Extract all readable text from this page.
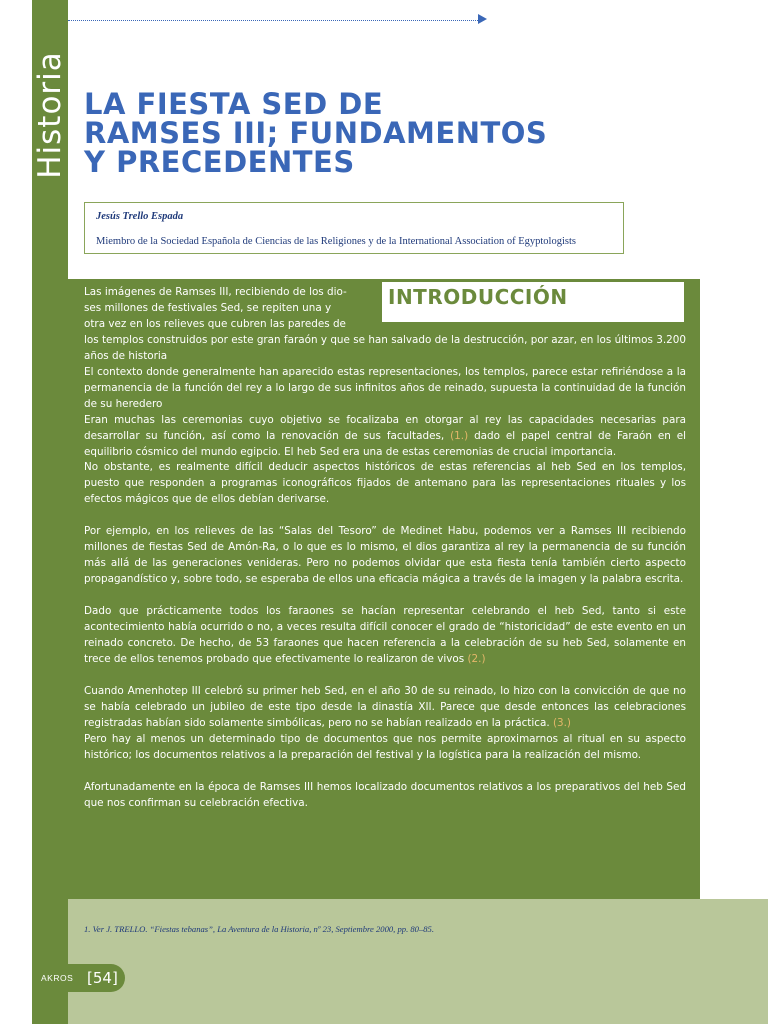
Historia LA FIESTA SED DE
RAMSES III; FUNDAMENTOS
Y PRECEDENTES
Jesús Trello Espada
Miembro de la Sociedad Española de Ciencias de las Religiones y de la International Association of Egyptologists
INTRODUCCIÓN
Las imágenes de Ramses III, recibiendo de los dio-
ses millones de festivales Sed, se repiten una y
otra vez en los relieves que cubren las paredes de
los templos construidos por este gran faraón y que se han salvado de la destrucción, por azar, en los últimos 3.200 años de historia
El contexto donde generalmente han aparecido estas representaciones, los templos, parece estar refiriéndose a la permanencia de la función del rey a lo largo de sus infinitos años de reinado, supuesta la continuidad de la función de su heredero
Eran muchas las ceremonias cuyo objetivo se focalizaba en otorgar al rey las capacidades necesarias para desarrollar su función, así como la renovación de sus facultades, (1.) dado el papel central de Faraón en el equilibrio cósmico del mundo egipcio. El heb Sed era una de estas ceremonias de crucial importancia.
No obstante, es realmente difícil deducir aspectos históricos de estas referencias al heb Sed en los templos, puesto que responden a programas iconográficos fijados de antemano para las representaciones rituales y los efectos mágicos que de ellos debían derivarse.
Por ejemplo, en los relieves de las “Salas del Tesoro” de Medinet Habu, podemos ver a Ramses III recibiendo millones de fiestas Sed de Amón-Ra, o lo que es lo mismo, el dios garantiza al rey la permanencia de su función más allá de las generaciones venideras. Pero no podemos olvidar que esta fiesta tenía también cierto aspecto propagandístico y, sobre todo, se esperaba de ellos una eficacia mágica a través de la imagen y la palabra escrita.
Dado que prácticamente todos los faraones se hacían representar celebrando el heb Sed, tanto si este acontecimiento había ocurrido o no, a veces resulta difícil conocer el grado de “historicidad” de este evento en un reinado concreto. De hecho, de 53 faraones que hacen referencia a la celebración de su heb Sed, solamente en trece de ellos tenemos probado que efectivamente lo realizaron de vivos (2.)
Cuando Amenhotep III celebró su primer heb Sed, en el año 30 de su reinado, lo hizo con la convicción de que no se había celebrado un jubileo de este tipo desde la dinastía XII. Parece que desde entonces las celebraciones registradas habían sido solamente simbólicas, pero no se habían realizado en la práctica. (3.)
Pero hay al menos un determinado tipo de documentos que nos permite aproximarnos al ritual en su aspecto histórico; los documentos relativos a la preparación del festival y la logística para la realización del mismo.
Afortunadamente en la época de Ramses III hemos localizado documentos relativos a los preparativos del heb Sed que nos confirman su celebración efectiva.
1. Ver J. TRELLO. “Fiestas tebanas”, La Aventura de la Historia, nº 23, Septiembre 2000, pp. 80–85.
AKROS [54]
